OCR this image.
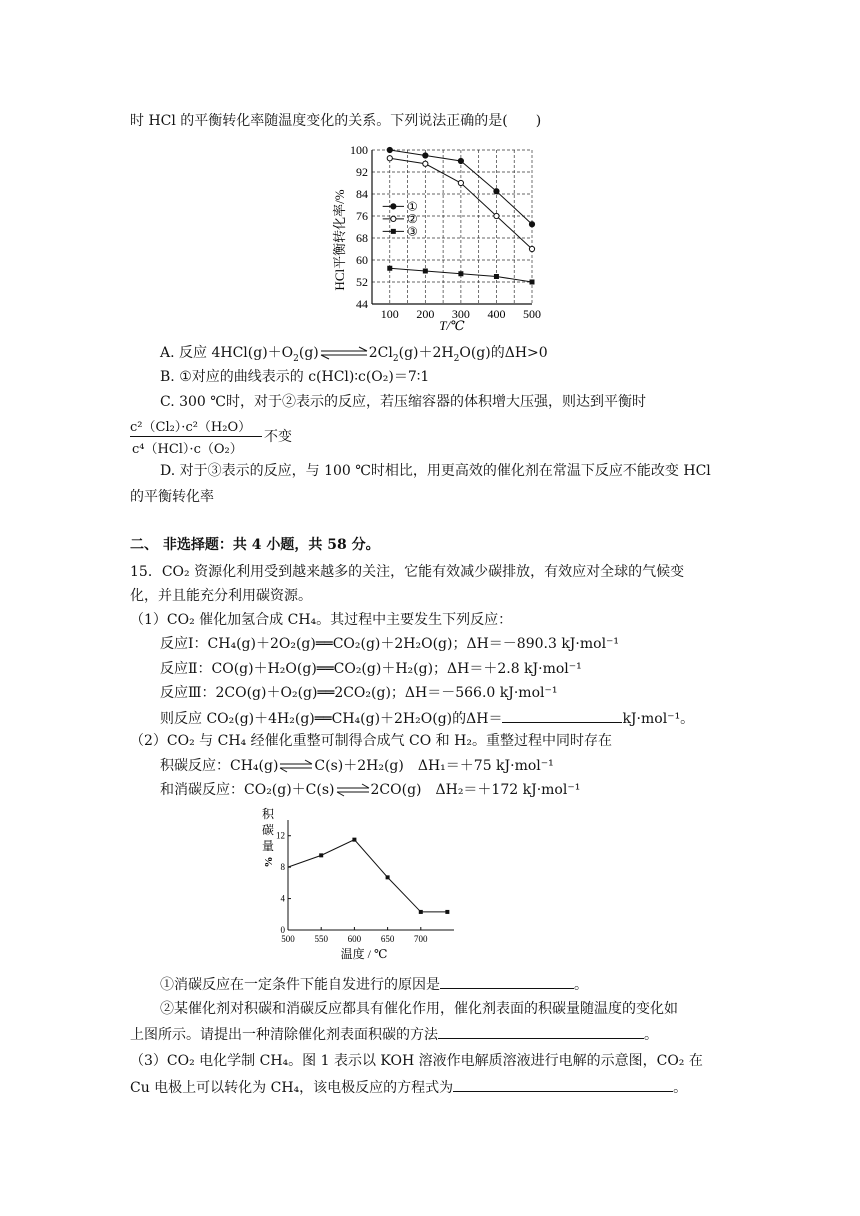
时 HCl 的平衡转化率随温度变化的关系。下列说法正确的是(　　)
100
92
84
76
68
60
52
44
100 200 300 400 500
①
②
③
HCl平衡转化率/%
T/℃
A. 反应 $4HCl(g)+O_2(g)\rightleftharpoons 2Cl_2(g)+2H_2O(g)$的ΔH>0
B. ①对应的曲线表示的 c(HCl)∶c(O₂)＝7∶1
C. 300 ℃时，对于②表示的反应，若压缩容器的体积增大压强，则达到平衡时
c²（Cl₂）·c²（H₂O）
c⁴（HCl）·c（O₂）
不变
D. 对于③表示的反应，与 100 ℃时相比，用更高效的催化剂在常温下反应不能改变 HCl
的平衡转化率
二、 非选择题：共 4 小题，共 58 分。
15．CO₂ 资源化利用受到越来越多的关注，它能有效减少碳排放，有效应对全球的气候变
化，并且能充分利用碳资源。
（1）CO₂ 催化加氢合成 CH₄。其过程中主要发生下列反应：
反应Ⅰ：CH₄(g)＋2O₂(g)══CO₂(g)＋2H₂O(g)；ΔH＝－890.3 kJ·mol⁻¹
反应Ⅱ：CO(g)＋H₂O(g)══CO₂(g)＋H₂(g)；ΔH＝＋2.8 kJ·mol⁻¹
反应Ⅲ：2CO(g)＋O₂(g)══2CO₂(g)；ΔH＝－566.0 kJ·mol⁻¹
则反应 CO₂(g)＋4H₂(g)══CH₄(g)＋2H₂O(g)的ΔH＝	kJ·mol⁻¹。
（2）CO₂ 与 CH₄ 经催化重整可制得合成气 CO 和 H₂。重整过程中同时存在
积碳反应：CH₄(g)⇌C(s)＋2H₂(g)　ΔH₁＝＋75 kJ·mol⁻¹
和消碳反应：CO₂(g)＋C(s)⇌2CO(g)　ΔH₂＝＋172 kJ·mol⁻¹
0
4
8
12
500 550 600 650 700
积
碳
量
%
温度 / ℃
①消碳反应在一定条件下能自发进行的原因是	。
②某催化剂对积碳和消碳反应都具有催化作用，催化剂表面的积碳量随温度的变化如
上图所示。请提出一种清除催化剂表面积碳的方法	。
（3）CO₂ 电化学制 CH₄。图 1 表示以 KOH 溶液作电解质溶液进行电解的示意图，CO₂ 在
Cu 电极上可以转化为 CH₄，该电极反应的方程式为	。
